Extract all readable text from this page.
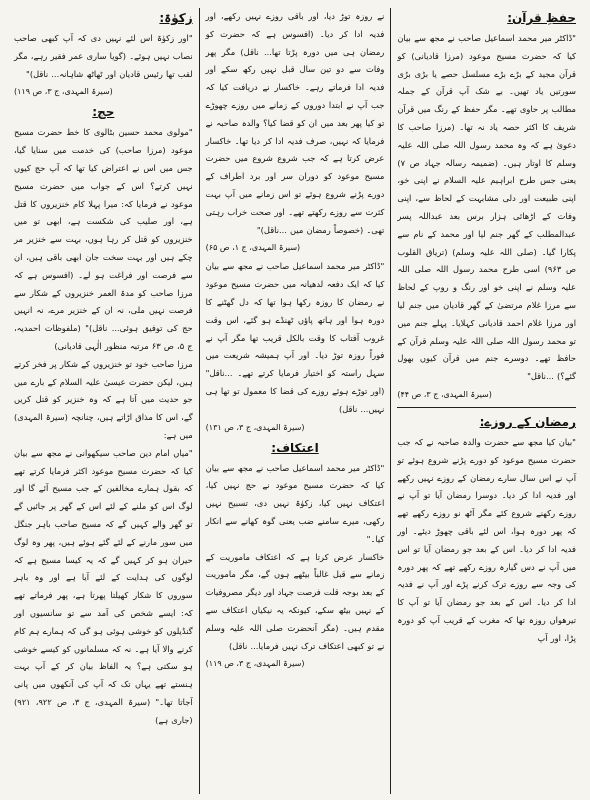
حفظِ قرآن:

"ڈاکٹر میر محمد اسماعیل صاحب نے مجھ سے بیان کیا کہ حضرت مسیح موعود (مرزا قادیانی) کو قرآن مجید کے بڑے بڑے مسلسل حصے یا بڑی بڑی سورتیں یاد تھیں۔ بے شک آپ قرآن کے جملہ مطالب پر حاوی تھے۔ مگر حفظ کے رنگ میں قرآن شریف کا اکثر حصہ یاد نہ تھا۔ (مرزا صاحب کا دعویٰ ہے کہ وہ محمد رسول اللہ صلی اللہ علیہ وسلم کا اوتار ہیں۔ (ضمیمہ رسالہ جہاد ص ۷) یعنی جس طرح ابراہیم علیہ السلام نے اپنی خو، اپنی طبیعت اور دلی مشابہت کے لحاظ سے، اپنی وفات کے اڑھائی ہزار برس بعد عبداللہ پسر عبدالمطلب کے گھر جنم لیا اور محمد کے نام سے پکارا گیا۔ (صلی اللہ علیہ وسلم) (تریاق القلوب ص ۹۶۳) اسی طرح محمد رسول اللہ صلی اللہ علیہ وسلم نے اپنی خو اور رنگ و روپ کے لحاظ سے مرزا غلام مرتضیٰ کے گھر قادیان میں جنم لیا اور مرزا غلام احمد قادیانی کہلایا۔ پہلے جنم میں تو محمد رسول اللہ صلی اللہ علیہ وسلم قرآن کے حافظ تھے۔ دوسرے جنم میں قرآن کیوں بھول گئے؟) ...ناقل"

(سیرۃ المہدی، ج ۳، ص ۴۴)
رمضان کے روزے:

"بیان کیا مجھ سے حضرت والدہ صاحبہ نے کہ جب حضرت مسیح موعود کو دورے پڑنے شروع ہوئے تو آپ نے اس سال سارے رمضان کے روزے نہیں رکھے اور فدیہ ادا کر دیا۔ دوسرا رمضان آیا تو آپ نے روزے رکھنے شروع کئے مگر آٹھ نو روزے رکھے تھے کہ پھر دورہ ہوا، اس لئے باقی چھوڑ دیئے۔ اور فدیہ ادا کر دیا۔ اس کے بعد جو رمضان آیا تو اس میں آپ نے دس گیارہ روزے رکھے تھے کہ پھر دورہ کی وجہ سے روزے ترک کرنے پڑے اور آپ نے فدیہ ادا کر دیا۔ اس کے بعد جو رمضان آیا تو آپ کا تیرھواں روزہ تھا کہ مغرب کے قریب آپ کو دورہ پڑا، اور آپ

نے روزہ توڑ دیا، اور باقی روزے نہیں رکھے، اور فدیہ ادا کر دیا۔ (افسوس ہے کہ حضرت کو رمضان ہی میں دورہ پڑتا تھا... ناقل) مگر پھر وفات سے دو تین سال قبل نہیں رکھ سکے اور فدیہ ادا فرماتے رہے۔ خاکسار نے دریافت کیا کہ جب آپ نے ابتدا دوروں کے زمانے میں روزے چھوڑے تو کیا پھر بعد میں ان کو قضا کیا؟ والدہ صاحبہ نے فرمایا کہ نہیں، صرف فدیہ ادا کر دیا تھا۔ خاکسار عرض کرتا ہے کہ جب شروع شروع میں حضرت مسیح موعود کو دوران سر اور برد اطراف کے دورے پڑنے شروع ہوئے تو اس زمانے میں آپ بہت کثرت سے روزے رکھتے تھے۔ اور صحت خراب رہتی تھی۔ (خصوصاً رمضان میں ...ناقل)"

(سیرۃ المہدی، ج ۱، ص ۶۵)

"ڈاکٹر میر محمد اسماعیل صاحب نے مجھ سے بیان کیا کہ ایک دفعہ لدھیانہ میں حضرت مسیح موعود نے رمضان کا روزہ رکھا ہوا تھا کہ دل گھٹنے کا دورہ ہوا اور ہاتھ پاؤں ٹھنڈے ہو گئے، اس وقت غروب آفتاب کا وقت بالکل قریب تھا مگر آپ نے فوراً روزہ توڑ دیا۔ اور آپ ہمیشہ شریعت میں سہل راستہ کو اختیار فرمایا کرتے تھے۔ ...ناقل" (اور توڑے ہوئے روزے کی قضا کا معمول تو تھا ہی نہیں... ناقل)

(سیرۃ المہدی، ج ۳، ص ۱۳۱)
اعتکاف:

"ڈاکٹر میر محمد اسماعیل صاحب نے مجھ سے بیان کیا کہ حضرت مسیح موعود نے حج نہیں کیا، اعتکاف نہیں کیا، زکوٰۃ نہیں دی، تسبیح نہیں رکھی، میرے سامنے ضب یعنی گوہ کھانے سے انکار کیا۔"

خاکسار عرض کرتا ہے کہ اعتکاف ماموریت کے زمانے سے قبل غالباً بیٹھے ہوں گے، مگر ماموریت کے بعد بوجہ قلت فرصت جہاد اور دیگر مصروفیات کے نہیں بیٹھ سکے، کیونکہ یہ نیکیاں اعتکاف سے مقدم ہیں۔ (مگر آنحضرت صلی اللہ علیہ وسلم نے تو کبھی اعتکاف ترک نہیں فرمایا... ناقل)

(سیرۃ المہدی، ج ۳، ص ۱۱۹)
زکوٰۃ:

"اور زکوٰۃ اس لئے نہیں دی کہ آپ کبھی صاحب نصاب نہیں ہوئے۔ (گویا ساری عمر فقیر رہے، مگر لقب تھا رئیس قادیان اور ٹھاٹھ شاہانہ... ناقل)"

(سیرۃ المہدی، ج ۳، ص ۱۱۹)
حج:

"مولوی محمد حسین بٹالوی کا خط حضرت مسیح موعود (مرزا صاحب) کی خدمت میں سنایا گیا، جس میں اس نے اعتراض کیا تھا کہ آپ حج کیوں نہیں کرتے؟ اس کے جواب میں حضرت مسیح موعود نے فرمایا کہ: میرا پہلا کام خنزیروں کا قتل ہے، اور صلیب کی شکست ہے، ابھی تو میں خنزیروں کو قتل کر رہا ہوں، بہت سے خنزیر مر چکے ہیں اور بہت سخت جان ابھی باقی ہیں، ان سے فرصت اور فراغت ہو لے۔ (افسوس ہے کہ مرزا صاحب کو مدۃ العمر خنزیروں کے شکار سے فرصت نہیں ملی، نہ ان کے خنزیر مرے، نہ انہیں حج کی توفیق ہوئی... ناقل)" (ملفوظات احمدیہ، ج ۵، ص ۶۳ مرتبہ منظور الٰہی قادیانی)

مرزا صاحب خود تو خنزیروں کے شکار پر فخر کرتے ہیں، لیکن حضرت عیسیٰ علیہ السلام کے بارے میں جو حدیث میں آتا ہے کہ وہ خنزیر کو قتل کریں گے، اس کا مذاق اڑاتے ہیں، چنانچہ (سیرۃ المہدی) میں ہے:

"میاں امام دین صاحب سیکھوانی نے مجھ سے بیان کیا کہ حضرت مسیح موعود اکثر فرمایا کرتے تھے کہ بقول ہمارے مخالفین کے جب مسیح آئے گا اور لوگ اس کو ملنے کے لئے اس کے گھر پر جائیں گے تو گھر والے کہیں گے کہ مسیح صاحب باہر جنگل میں سور مارنے کے لئے گئے ہوئے ہیں، پھر وہ لوگ حیران ہو کر کہیں گے کہ یہ کیسا مسیح ہے کہ لوگوں کی ہدایت کے لئے آیا ہے اور وہ باہر سوروں کا شکار کھیلتا پھرتا ہے، پھر فرماتے تھے کہ: ایسے شخص کی آمد سے تو سانسیوں اور گنڈیلوں کو خوشی ہوئی ہو گی کہ ہمارے ہم کام کرنے والا آیا ہے۔ نہ کہ مسلمانوں کو کیسے خوشی ہو سکتی ہے؟ یہ الفاظ بیان کر کے آپ بہت ہنستے تھے یہاں تک کہ آپ کی آنکھوں میں پانی آجاتا تھا۔" (سیرۃ المہدی، ج ۳، ص ۹۲۲، ۹۲۱) (جاری ہے)
